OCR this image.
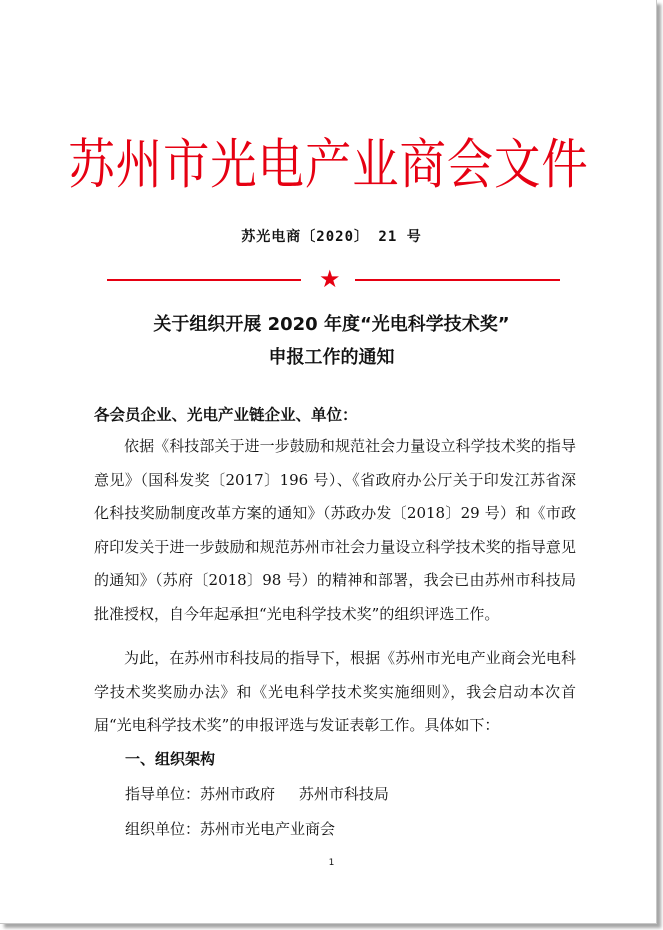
苏州市光电产业商会文件
苏光电商〔2020〕 21 号
★
关于组织开展 2020 年度“光电科学技术奖”
申报工作的通知
各会员企业、光电产业链企业、单位：
依据《科技部关于进一步鼓励和规范社会力量设立科学技术奖的指导意见》（国科发奖〔2017〕196 号）、《省政府办公厅关于印发江苏省深化科技奖励制度改革方案的通知》（苏政办发〔2018〕29 号）和《市政府印发关于进一步鼓励和规范苏州市社会力量设立科学技术奖的指导意见的通知》（苏府〔2018〕98 号）的精神和部署，我会已由苏州市科技局批准授权，自今年起承担“光电科学技术奖”的组织评选工作。
为此，在苏州市科技局的指导下，根据《苏州市光电产业商会光电科学技术奖奖励办法》和《光电科学技术奖实施细则》，我会启动本次首届“光电科学技术奖”的申报评选与发证表彰工作。具体如下：
一、组织架构
指导单位：苏州市政府     苏州市科技局
组织单位：苏州市光电产业商会
1
